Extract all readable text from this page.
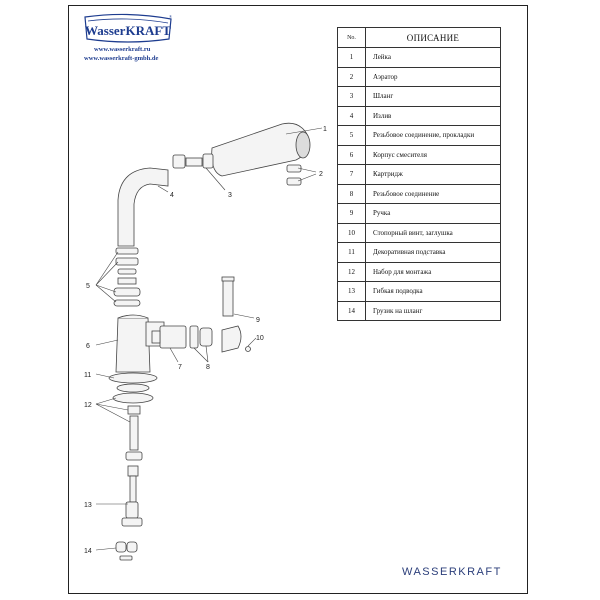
WasserKRAFT
®
www.wasserkraft.ru
www.wasserkraft-gmbh.de
No.	ОПИСАНИЕ
1	Лейка
2	Аэратор
3	Шланг
4	Излив
5	Резьбовое соединение, прокладки
6	Корпус смесителя
7	Картридж
8	Резьбовое соединение
9	Ручка
10	Стопорный винт, заглушка
11	Декоративная подставка
12	Набор для монтажа
13	Гибкая подводка
14	Грузик на шланг
1
2
3
4
5
6
7	8
9
10
11
12
13
14
WASSERKRAFT
